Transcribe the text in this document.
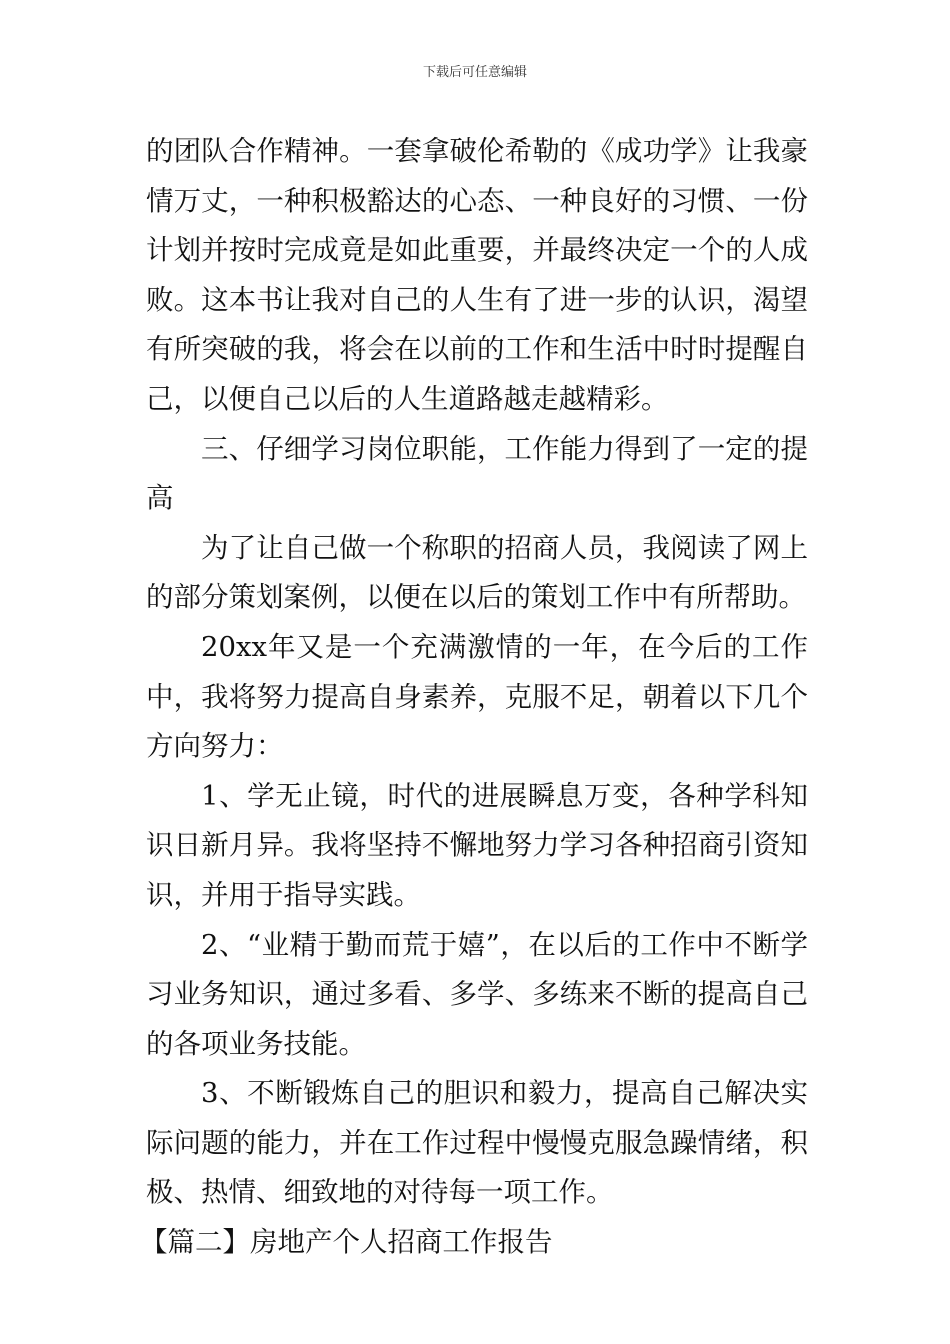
下载后可任意编辑

的团队合作精神。一套拿破伦希勒的《成功学》让我豪情万丈，一种积极豁达的心态、一种良好的习惯、一份计划并按时完成竟是如此重要，并最终决定一个的人成败。这本书让我对自己的人生有了进一步的认识，渴望有所突破的我，将会在以前的工作和生活中时时提醒自己，以便自己以后的人生道路越走越精彩。

三、仔细学习岗位职能，工作能力得到了一定的提高

为了让自己做一个称职的招商人员，我阅读了网上的部分策划案例，以便在以后的策划工作中有所帮助。

20xx年又是一个充满激情的一年，在今后的工作中，我将努力提高自身素养，克服不足，朝着以下几个方向努力：

1、学无止镜，时代的进展瞬息万变，各种学科知识日新月异。我将坚持不懈地努力学习各种招商引资知识，并用于指导实践。

2、“业精于勤而荒于嬉”，在以后的工作中不断学习业务知识，通过多看、多学、多练来不断的提高自己的各项业务技能。

3、不断锻炼自己的胆识和毅力，提高自己解决实际问题的能力，并在工作过程中慢慢克服急躁情绪，积极、热情、细致地的对待每一项工作。

【篇二】房地产个人招商工作报告
